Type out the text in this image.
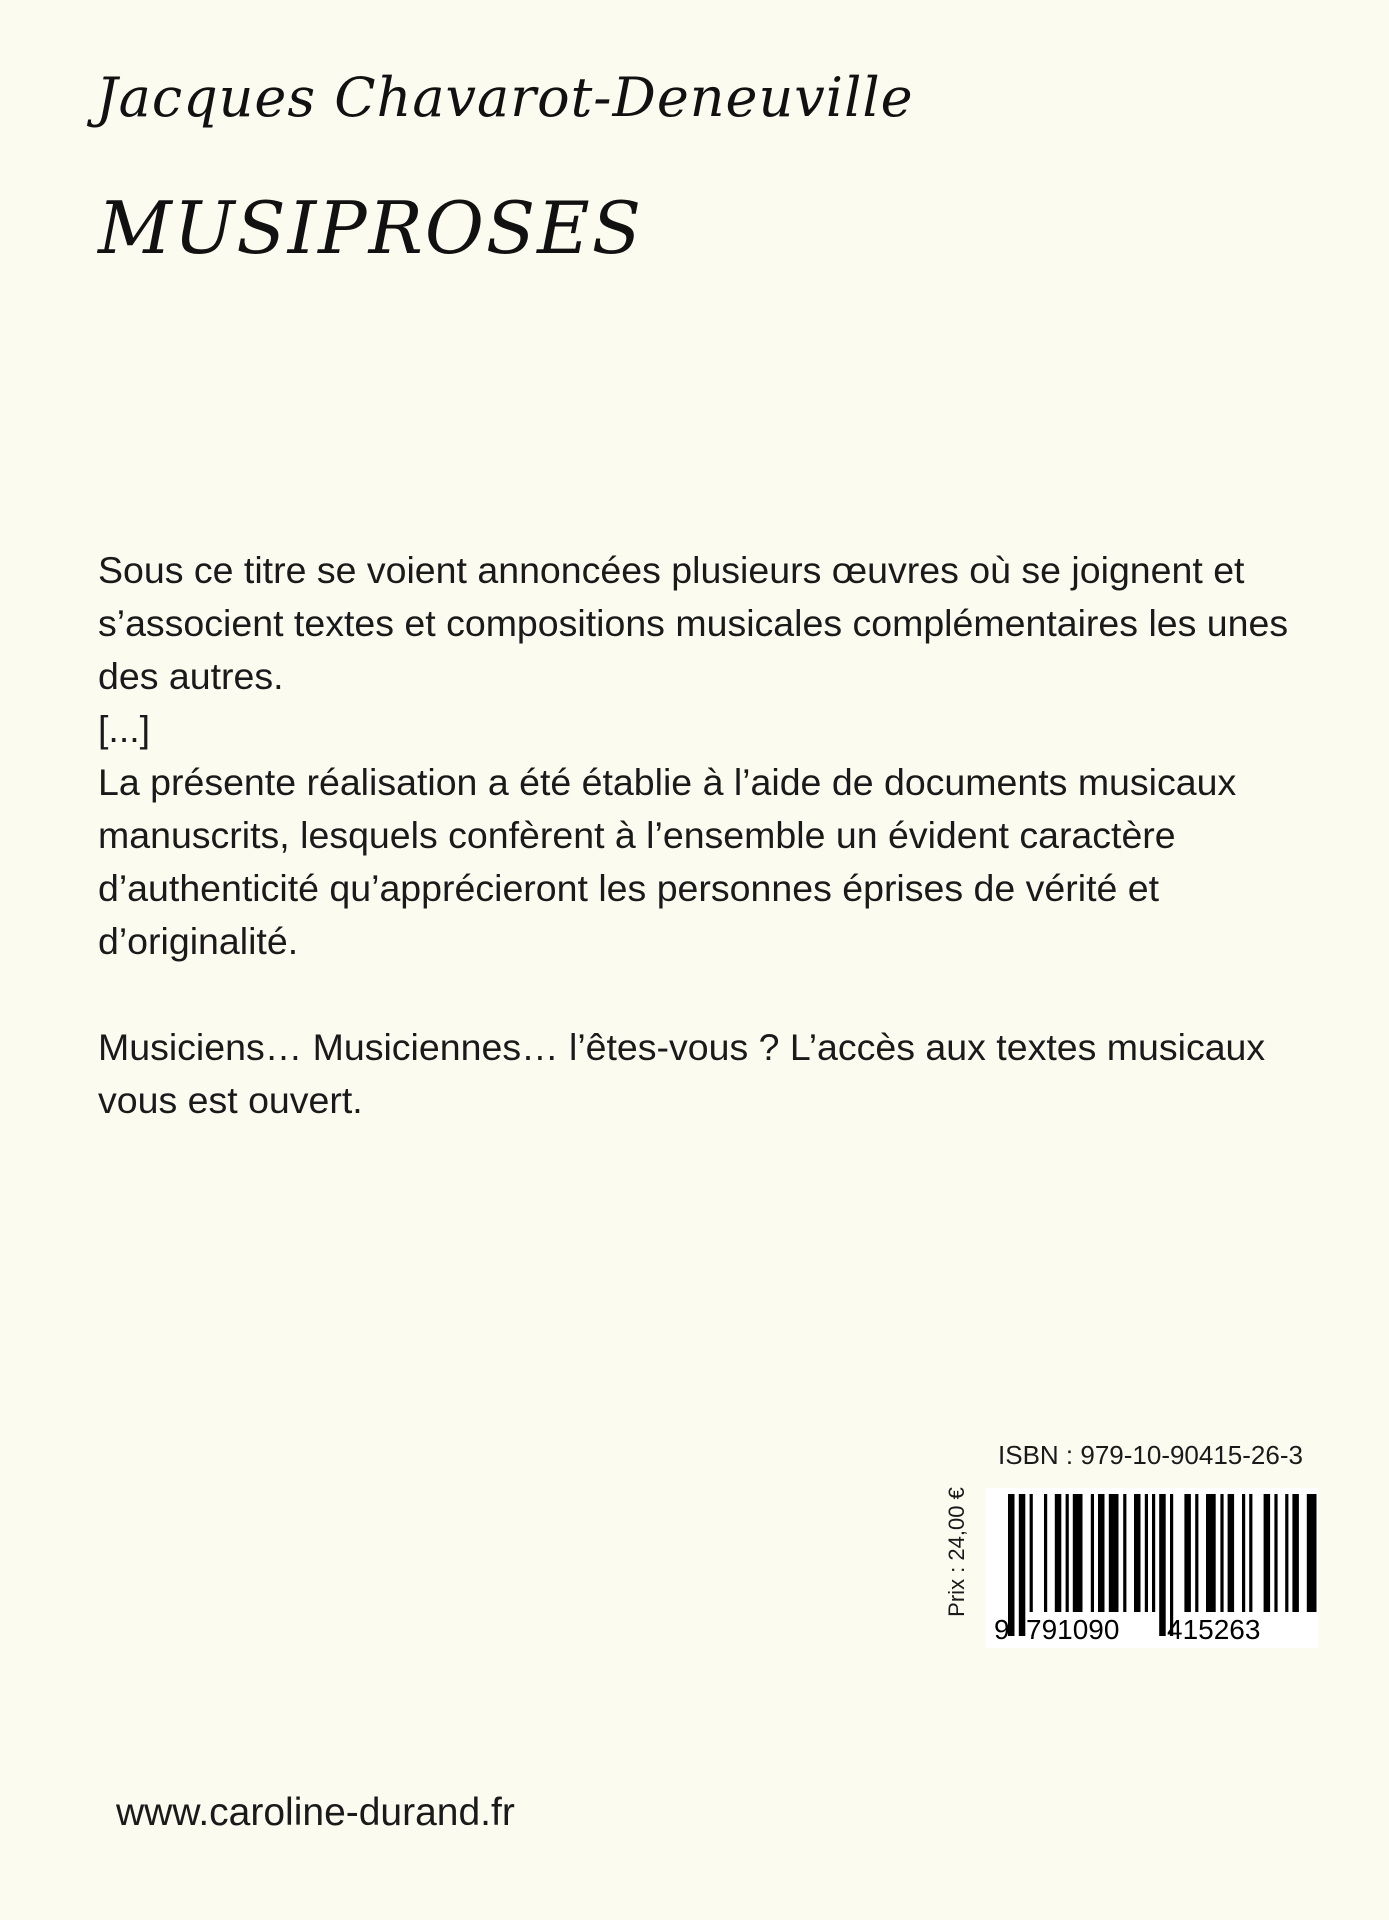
Jacques Chavarot-Deneuville
MUSIPROSES

Sous ce titre se voient annoncées plusieurs œuvres où se joignent et

s’associent textes et compositions musicales complémentaires les unes

des autres.

[...]

La présente réalisation a été établie à l’aide de documents musicaux

manuscrits, lesquels confèrent à l’ensemble un évident caractère

d’authenticité qu’apprécieront les personnes éprises de vérité et

d’originalité.

Musiciens… Musiciennes… l’êtes-vous ? L’accès aux textes musicaux

vous est ouvert.

ISBN : 979-10-90415-26-3
Prix : 24,00 €
9 791090 415263
www.caroline-durand.fr
